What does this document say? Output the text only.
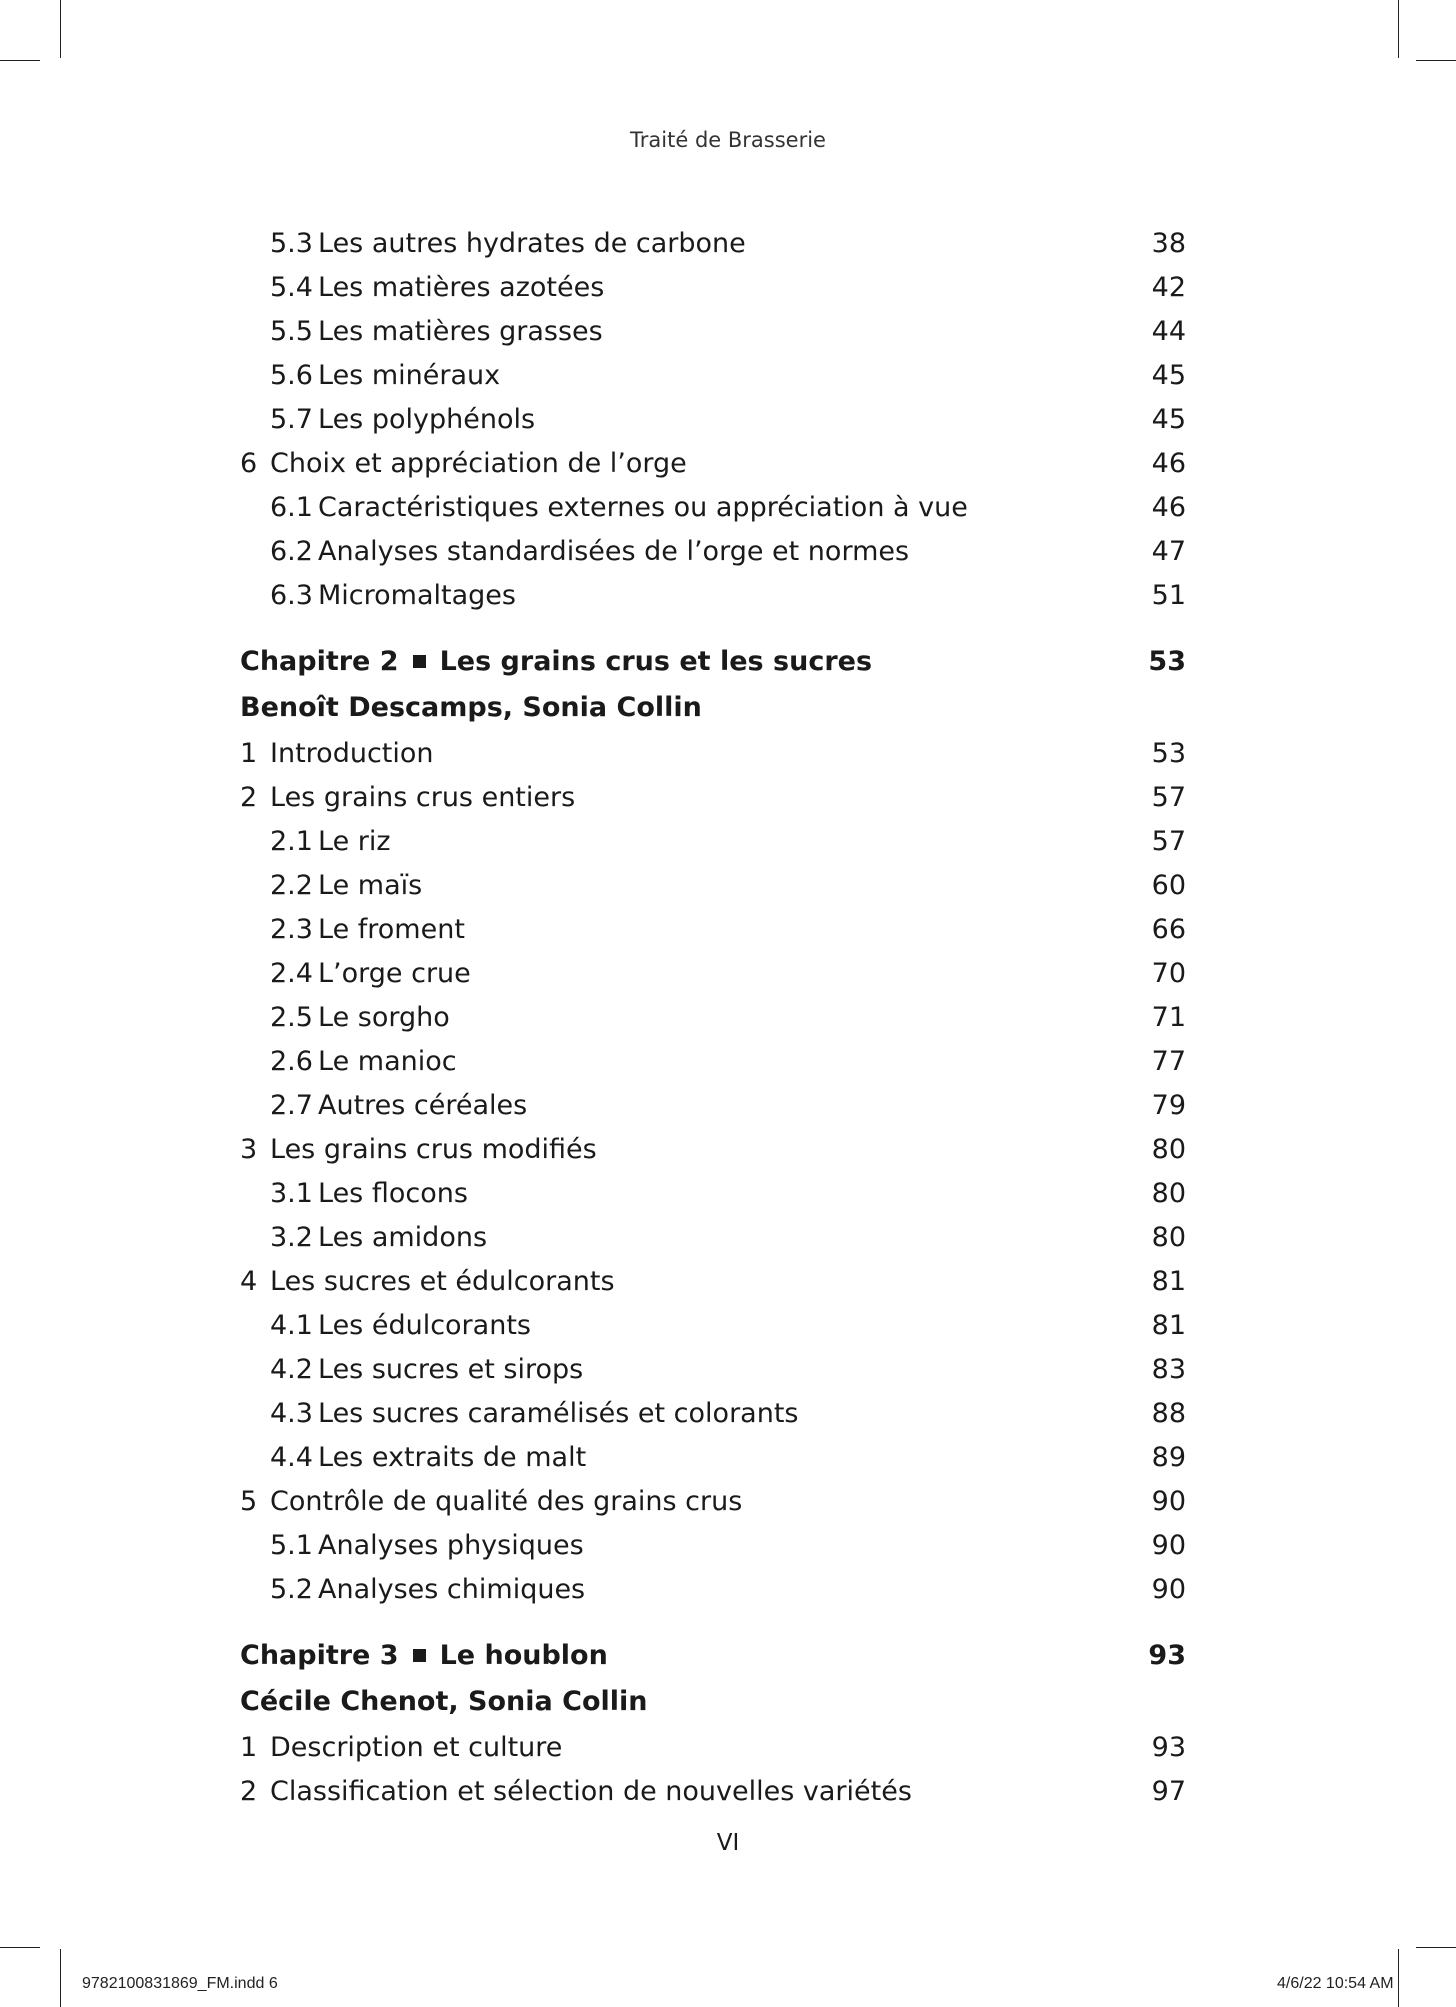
Traité de Brasserie
5.3 Les autres hydrates de carbone	38
5.4 Les matières azotées	42
5.5 Les matières grasses	44
5.6 Les minéraux	45
5.7 Les polyphénols	45
6 Choix et appréciation de l’orge	46
6.1 Caractéristiques externes ou appréciation à vue	46
6.2 Analyses standardisées de l’orge et normes	47
6.3 Micromaltages	51
Chapitre 2 Les grains crus et les sucres	53
Benoît Descamps, Sonia Collin
1 Introduction	53
2 Les grains crus entiers	57
2.1 Le riz	57
2.2 Le maïs	60
2.3 Le froment	66
2.4 L’orge crue	70
2.5 Le sorgho	71
2.6 Le manioc	77
2.7 Autres céréales	79
3 Les grains crus modifiés	80
3.1 Les flocons	80
3.2 Les amidons	80
4 Les sucres et édulcorants	81
4.1 Les édulcorants	81
4.2 Les sucres et sirops	83
4.3 Les sucres caramélisés et colorants	88
4.4 Les extraits de malt	89
5 Contrôle de qualité des grains crus	90
5.1 Analyses physiques	90
5.2 Analyses chimiques	90
Chapitre 3 Le houblon	93
Cécile Chenot, Sonia Collin
1 Description et culture	93
2 Classification et sélection de nouvelles variétés	97
VI
9782100831869_FM.indd 6	4/6/22 10:54 AM
